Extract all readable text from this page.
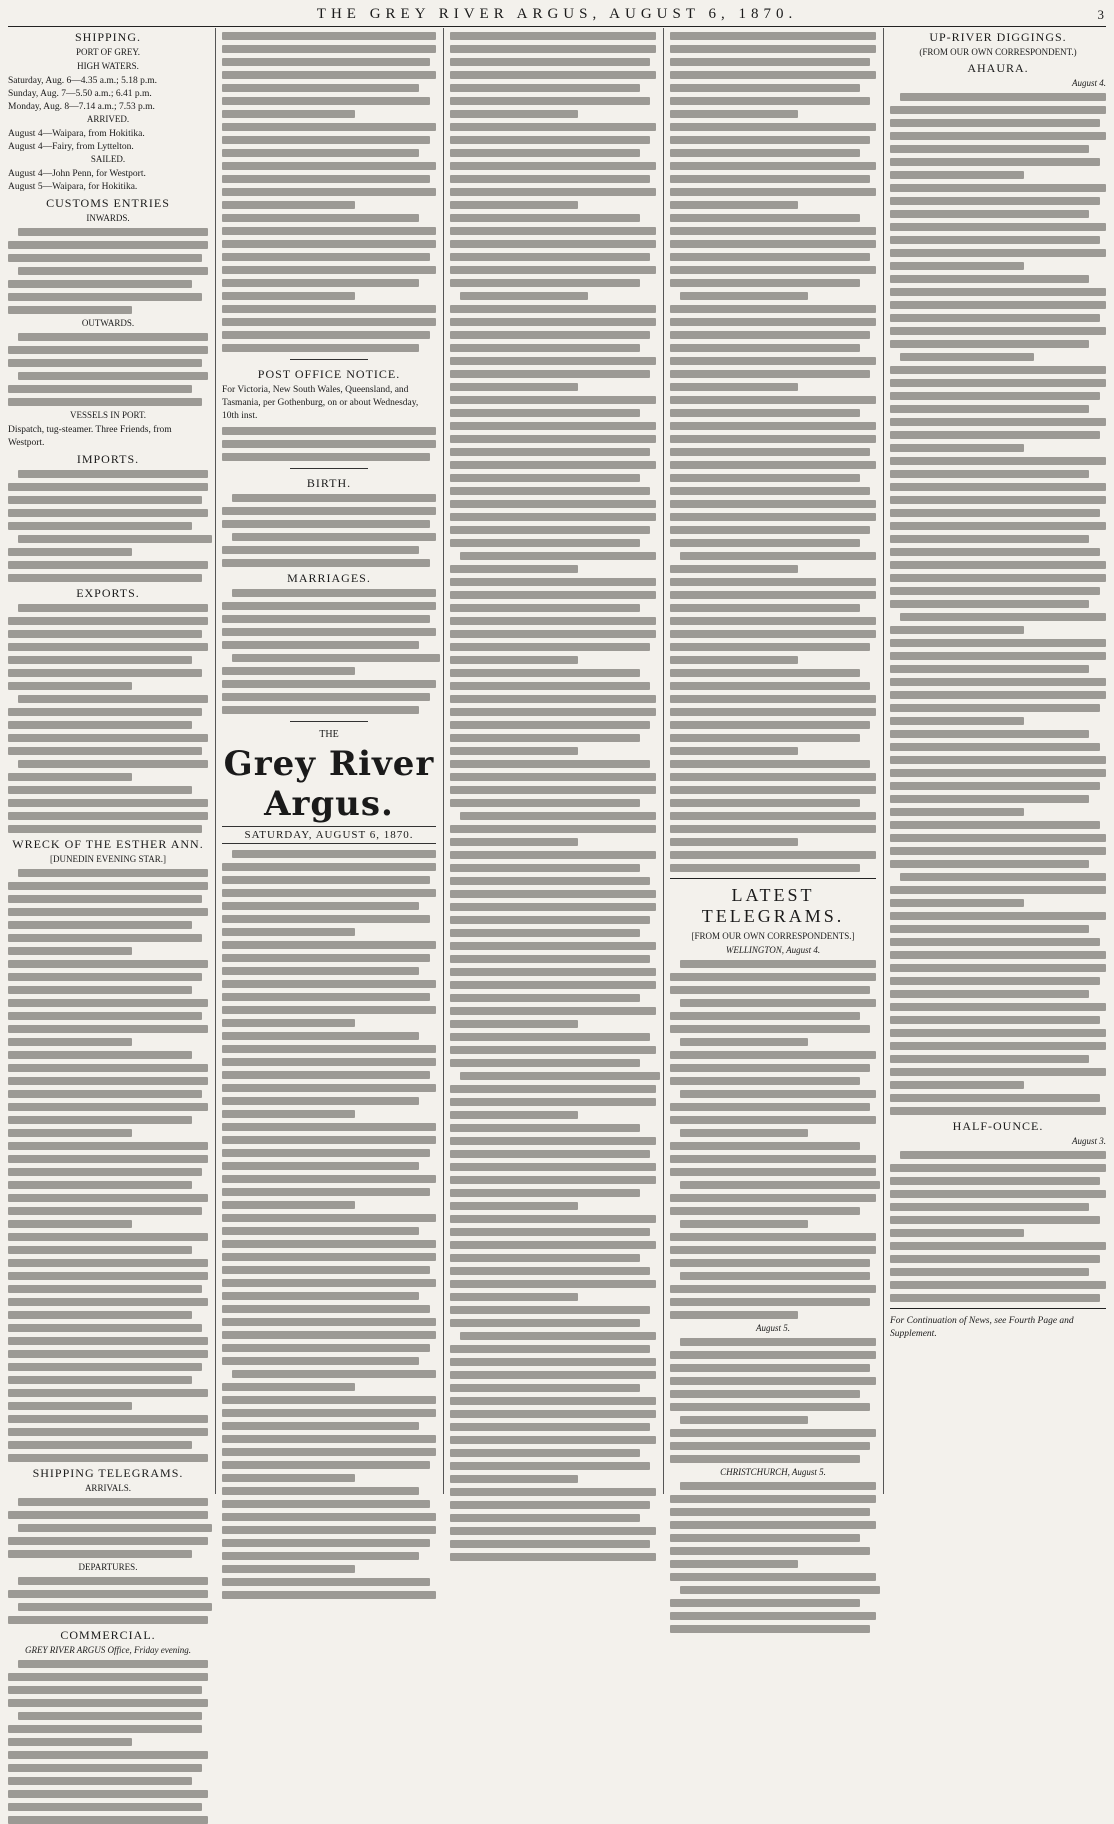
THE GREY RIVER ARGUS, AUGUST 6, 1870.	3
SHIPPING.
PORT OF GREY.
HIGH WATERS.

Saturday, Aug. 6—4.35 a.m.; 5.18 p.m.

Sunday, Aug. 7—5.50 a.m.; 6.41 p.m.

Monday, Aug. 8—7.14 a.m.; 7.53 p.m.

ARRIVED.

August 4—Waipara, from Hokitika.

August 4—Fairy, from Lyttelton.

SAILED.

August 4—John Penn, for Westport.

August 5—Waipara, for Hokitika.

CUSTOMS ENTRIES
INWARDS.
OUTWARDS.
VESSELS IN PORT.

Dispatch, tug-steamer. Three Friends, from Westport.

IMPORTS.
EXPORTS.
WRECK OF THE ESTHER ANN.
[DUNEDIN EVENING STAR.]
SHIPPING TELEGRAMS.
ARRIVALS.
DEPARTURES.
COMMERCIAL.
GREY RIVER ARGUS Office, Friday evening.
POST OFFICE NOTICE.

For Victoria, New South Wales, Queensland, and Tasmania, per Gothenburg, on or about Wednesday, 10th inst.

BIRTH.
MARRIAGES.
THE
Grey River Argus.
SATURDAY, AUGUST 6, 1870.
LATEST TELEGRAMS.
[FROM OUR OWN CORRESPONDENTS.]
WELLINGTON, August 4.
August 5.
CHRISTCHURCH, August 5.
UP-RIVER DIGGINGS.
(FROM OUR OWN CORRESPONDENT.)
AHAURA.
August 4.
HALF-OUNCE.
August 3.

For Continuation of News, see Fourth Page and Supplement.
